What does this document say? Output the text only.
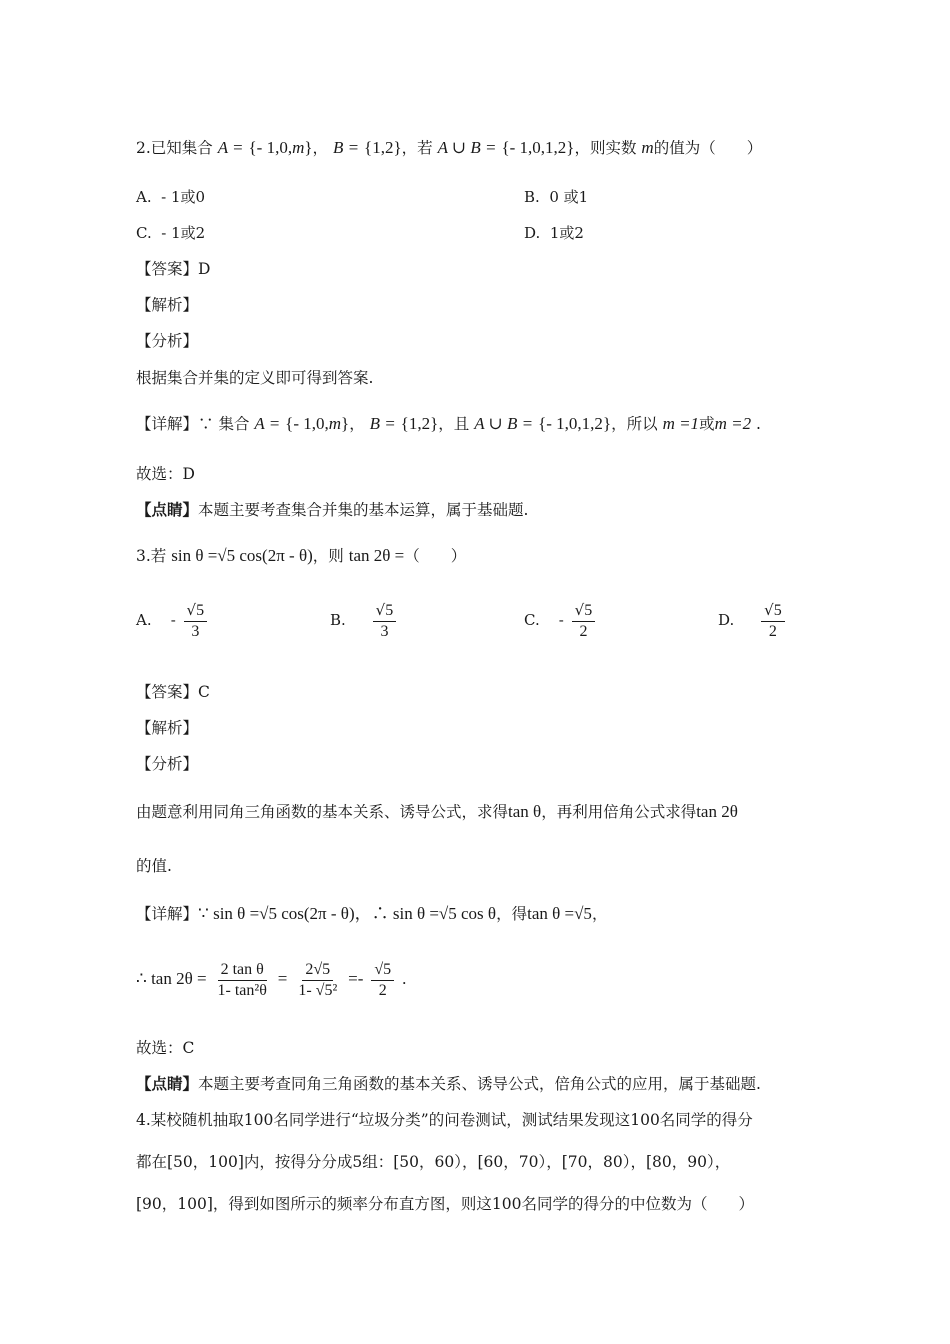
2.已知集合 A = {- 1,0,m}， B = {1,2}，若 A ∪ B = {- 1,0,1,2}，则实数 m的值为（　　）
A. - 1或0	B. 0 或1
C. - 1或2	D. 1或2
【答案】D
【解析】
【分析】
根据集合并集的定义即可得到答案.
【详解】∵ 集合 A = {- 1,0,m}， B = {1,2}，且 A ∪ B = {- 1,0,1,2}，所以 m =1或m =2 .
故选：D
【点睛】本题主要考查集合并集的基本运算，属于基础题.
3.若 sin θ =√5 cos(2π - θ)，则 tan 2θ =（　　）
A. - $\frac{√5}{3}$	B. $\frac{√5}{3}$	C. - $\frac{√5}{2}$	D. $\frac{√5}{2}$
【答案】C
【解析】
【分析】
由题意利用同角三角函数的基本关系、诱导公式，求得tan θ，再利用倍角公式求得tan 2θ
的值.
【详解】∵ sin θ =√5 cos(2π - θ)，∴ sin θ =√5 cos θ，得tan θ =√5，
∴ $\tan 2\theta = \frac{\text{2 tan θ}}{\text{1- tan²θ}} = \frac{2√5}{\text{1- √5²}} =- \frac{√5}{2}$ .
故选：C
【点睛】本题主要考查同角三角函数的基本关系、诱导公式，倍角公式的应用，属于基础题.
4.某校随机抽取100名同学进行“垃圾分类”的问卷测试，测试结果发现这100名同学的得分
都在[50，100]内，按得分分成5组：[50，60），[60，70），[70，80），[80，90），
[90，100]，得到如图所示的频率分布直方图，则这100名同学的得分的中位数为（　　）
